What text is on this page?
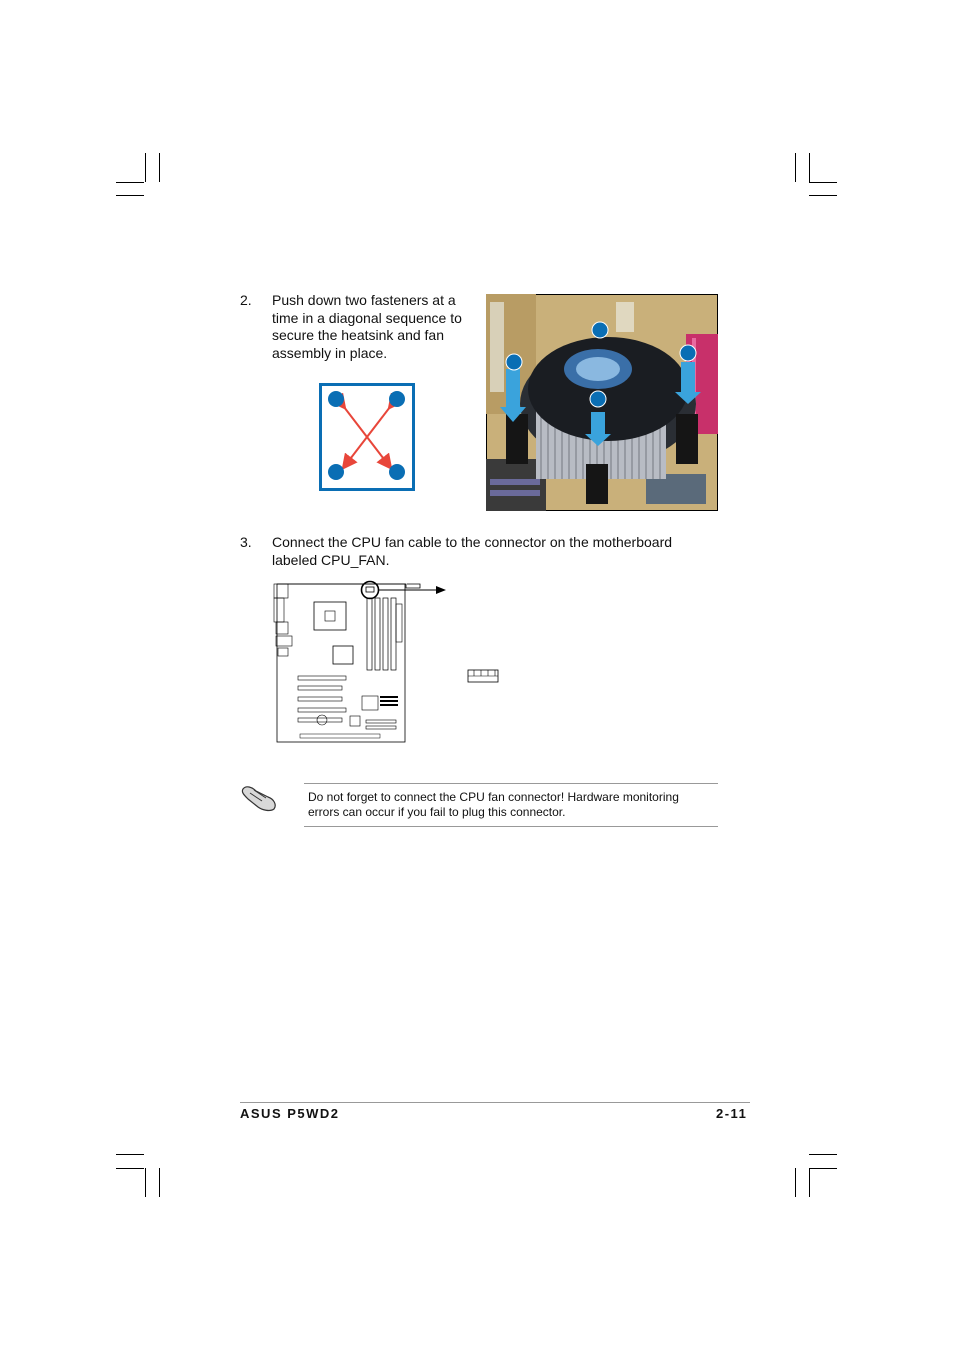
2. Push down two fasteners at a time in a diagonal sequence to secure the heatsink and fan assembly in place.
3. Connect the CPU fan cable to the connector on the motherboard labeled CPU_FAN.
Do not forget to connect the CPU fan connector! Hardware monitoring errors can occur if you fail to plug this connector.
ASUS P5WD2	2-11
